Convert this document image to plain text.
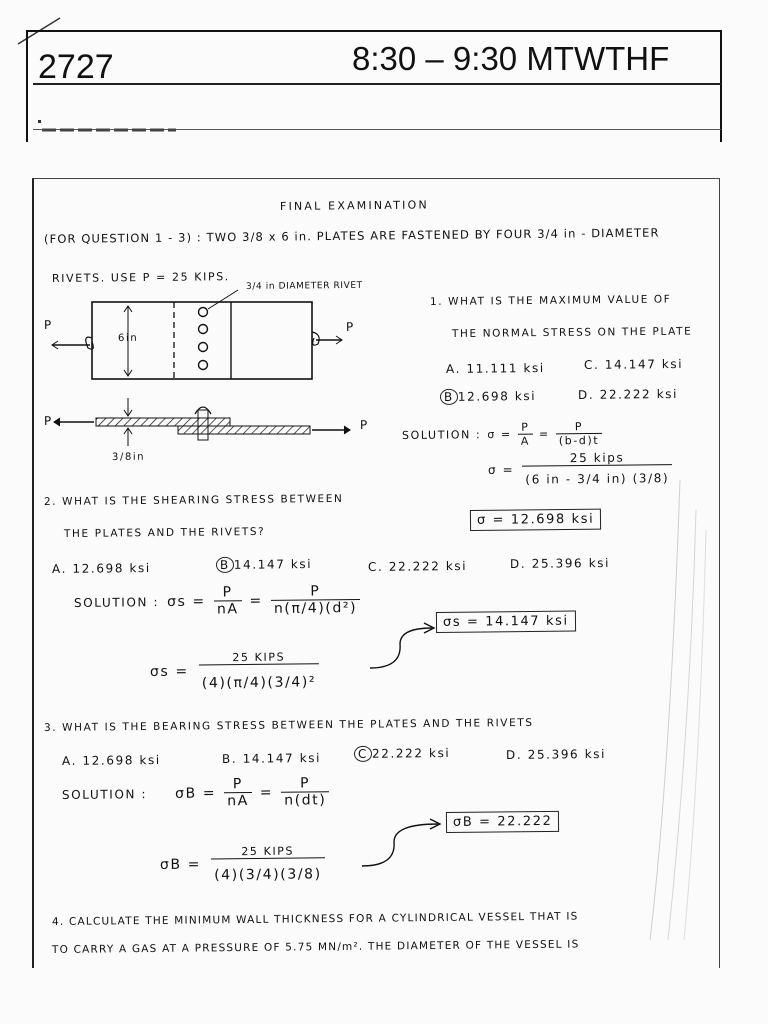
2727	8:30 – 9:30 MTWTHF
FINAL EXAMINATION
(FOR QUESTION 1 - 3) : TWO 3/8 x 6 in. PLATES ARE FASTENED BY FOUR 3/4 in - DIAMETER
RIVETS. USE P = 25 KIPS.
3/4 in DIAMETER RIVET
P	P
6in
P	P
3/8in
1. WHAT IS THE MAXIMUM VALUE OF
THE NORMAL STRESS ON THE PLATE
A. 11.111 ksi	C. 14.147 ksi
B 12.698 ksi	D. 22.222 ksi
SOLUTION : $\sigma = \frac{P}{A} = \frac{P}{(b-d)t}$
$\sigma = \frac{\text{25 kips}}{(6 in - 3/4 in) (3/8)}$
σ = 12.698 ksi
2. WHAT IS THE SHEARING STRESS BETWEEN
THE PLATES AND THE RIVETS?
A. 12.698 ksi	B 14.147 ksi	C. 22.222 ksi	D. 25.396 ksi
SOLUTION : $\sigma s = \frac{P}{nA} = \frac{P}{\text{n(π/4)(d²)}}$
σs = 14.147 ksi
$\sigma s = \frac{\text{25 KIPS}}{\text{(4)(π/4)(3/4)²}}$
3. WHAT IS THE BEARING STRESS BETWEEN THE PLATES AND THE RIVETS
A. 12.698 ksi	B. 14.147 ksi	C 22.222 ksi	D. 25.396 ksi
SOLUTION : $\sigma B = \frac{P}{nA} = \frac{P}{n(dt)}$
σB = 22.222
$\sigma B = \frac{\text{25 KIPS}}{(4)(3/4)(3/8)}$
4. CALCULATE THE MINIMUM WALL THICKNESS FOR A CYLINDRICAL VESSEL THAT IS
TO CARRY A GAS AT A PRESSURE OF 5.75 MN/m². THE DIAMETER OF THE VESSEL IS
